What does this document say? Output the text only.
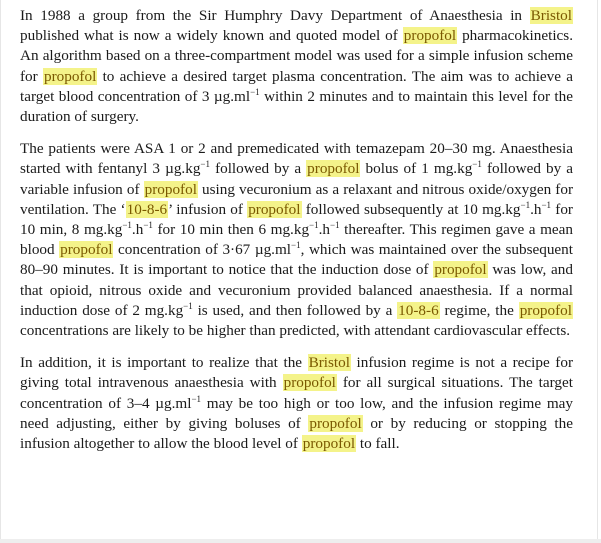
In 1988 a group from the Sir Humphry Davy Department of Anaesthesia in Bristol published what is now a widely known and quoted model of propofol pharmacokinetics. An algorithm based on a three-compartment model was used for a simple infusion scheme for propofol to achieve a desired target plasma concentration. The aim was to achieve a target blood concentration of 3 $\mu g.ml^{-1}$ within 2 minutes and to maintain this level for the duration of surgery.

The patients were ASA 1 or 2 and premedicated with temazepam 20–30 mg. Anaesthesia started with fentanyl 3 $\mu g.kg^{-1}$ followed by a propofol bolus of 1 $mg.kg^{-1}$ followed by a variable infusion of propofol using vecuronium as a relaxant and nitrous oxide/oxygen for ventilation. The ‘10-8-6’ infusion of propofol followed subsequently at 10 $mg.kg^{-1}.h^{-1}$ for 10 min, 8 $mg.kg^{-1}.h^{-1}$ for 10 min then 6 $mg.kg^{-1}.h^{-1}$ thereafter. This regimen gave a mean blood propofol concentration of 3·67 $\mu g.ml^{-1}$, which was maintained over the subsequent 80–90 minutes. It is important to notice that the induction dose of propofol was low, and that opioid, nitrous oxide and vecuronium provided balanced anaesthesia. If a normal induction dose of 2 $mg.kg^{-1}$ is used, and then followed by a 10-8-6 regime, the propofol concentrations are likely to be higher than predicted, with attendant cardiovascular effects.

In addition, it is important to realize that the Bristol infusion regime is not a recipe for giving total intravenous anaesthesia with propofol for all surgical situations. The target concentration of 3–4 $\mu g.ml^{-1}$ may be too high or too low, and the infusion regime may need adjusting, either by giving boluses of propofol or by reducing or stopping the infusion altogether to allow the blood level of propofol to fall.
